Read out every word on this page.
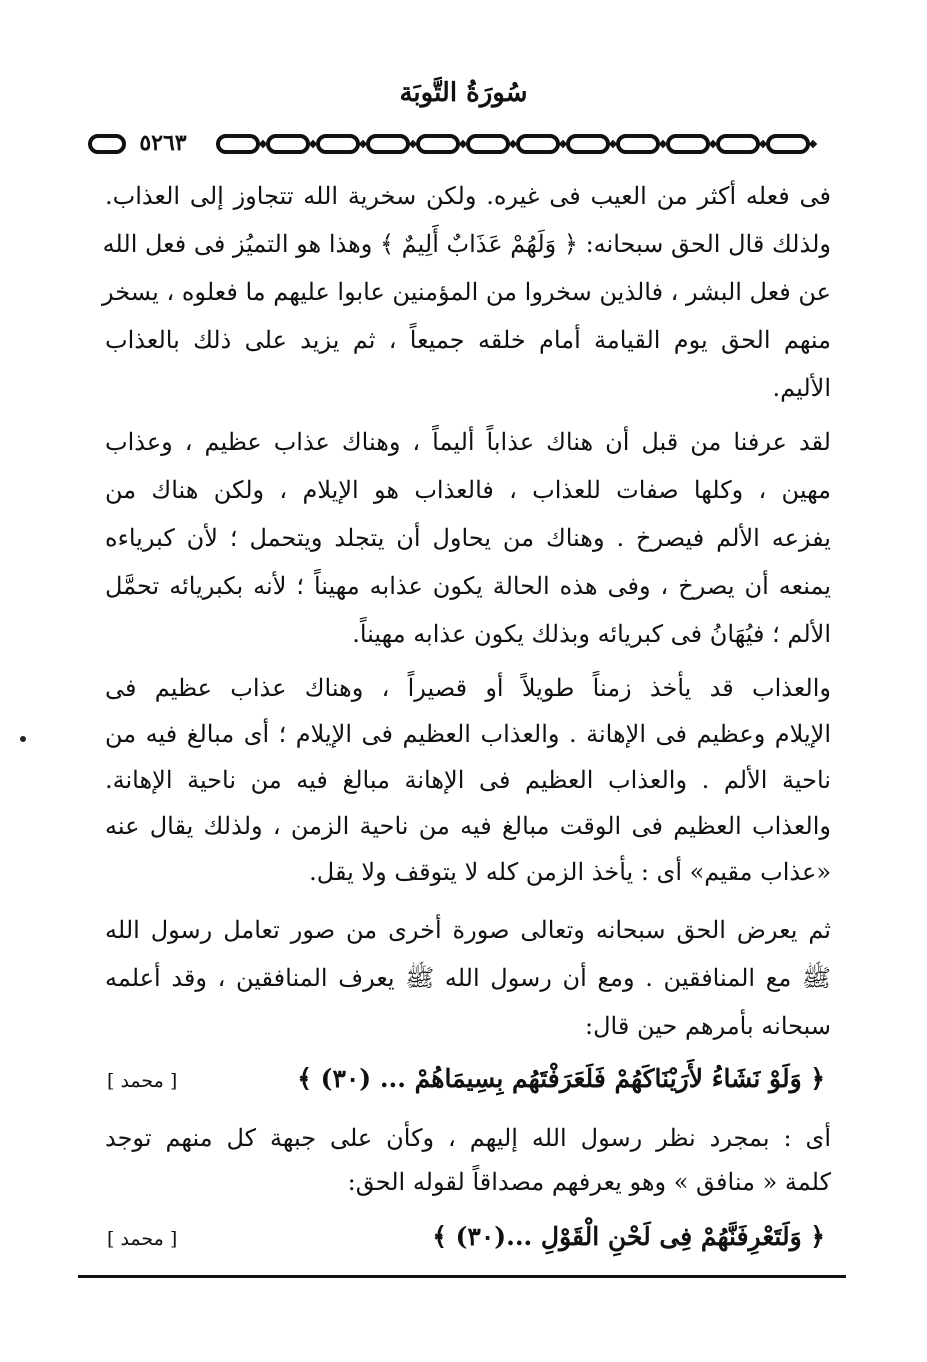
سُورَةُ التَّوبَة
٥٢٦٣
فى فعله أكثر من العيب فى غيره. ولكن سخرية الله تتجاوز إلى العذاب.
ولذلك قال الحق سبحانه: ﴿ وَلَهُمْ عَذَابٌ أَلِيمٌ ﴾ وهذا هو التميُز فى فعل الله
عن فعل البشر ، فالذين سخروا من المؤمنين عابوا عليهم ما فعلوه ، يسخر
منهم الحق يوم القيامة أمام خلقه جميعاً ، ثم يزيد على ذلك بالعذاب
الأليم.
لقد عرفنا من قبل أن هناك عذاباً أليماً ، وهناك عذاب عظيم ، وعذاب
مهين ، وكلها صفات للعذاب ، فالعذاب هو الإيلام ، ولكن هناك من
يفزعه الألم فيصرخ . وهناك من يحاول أن يتجلد ويتحمل ؛ لأن كبرياءه
يمنعه أن يصرخ ، وفى هذه الحالة يكون عذابه مهيناً ؛ لأنه بكبريائه تحمَّل
الألم ؛ فيُهَانُ فى كبريائه وبذلك يكون عذابه مهيناً.
والعذاب قد يأخذ زمناً طويلاً أو قصيراً ، وهناك عذاب عظيم فى
الإيلام وعظيم فى الإهانة . والعذاب العظيم فى الإيلام ؛ أى مبالغ فيه من
ناحية الألم . والعذاب العظيم فى الإهانة مبالغ فيه من ناحية الإهانة.
والعذاب العظيم فى الوقت مبالغ فيه من ناحية الزمن ، ولذلك يقال عنه
«عذاب مقيم» أى : يأخذ الزمن كله لا يتوقف ولا يقل.
ثم يعرض الحق سبحانه وتعالى صورة أخرى من صور تعامل رسول الله
ﷺ مع المنافقين . ومع أن رسول الله ﷺ يعرف المنافقين ، وقد أعلمه
سبحانه بأمرهم حين قال:
﴿ وَلَوْ نَشَاءُ لأَرَيْنَاكَهُمْ فَلَعَرَفْتَهُم بِسِيمَاهُمْ ... (٣٠) ﴾
[ محمد ]
أى : بمجرد نظر رسول الله إليهم ، وكأن على جبهة كل منهم توجد
كلمة « منافق » وهو يعرفهم مصداقاً لقوله الحق:
﴿ وَلَتَعْرِفَنَّهُمْ فِى لَحْنِ الْقَوْلِ ...(٣٠) ﴾
[ محمد ]
